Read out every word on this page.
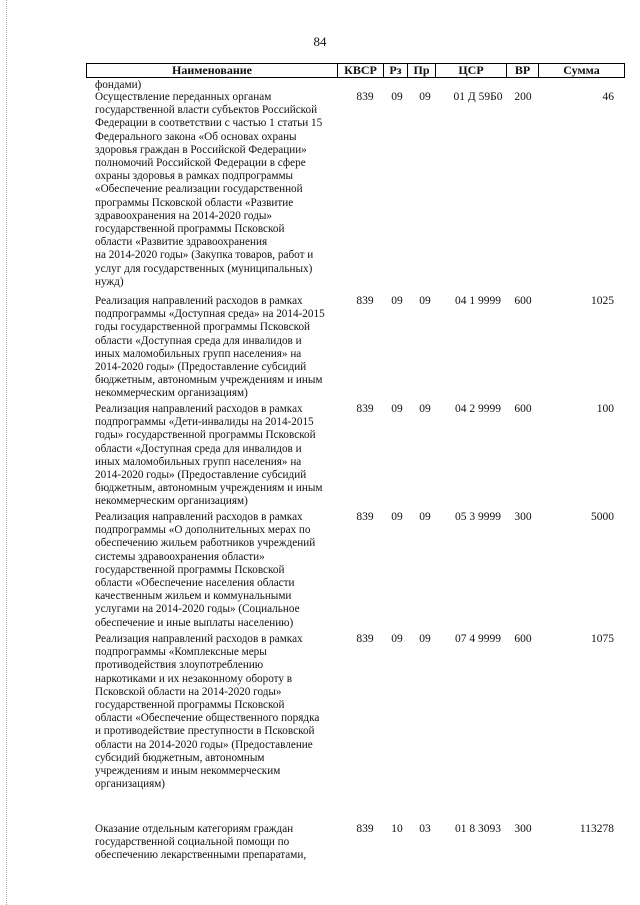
84
Наименование	КВСР	Рз Пр	ЦСР	ВР	Сумма
фондами)
Осуществление переданных органам
государственной власти субъектов Российской
Федерации в соответствии с частью 1 статьи 15
Федерального закона «Об основах охраны
здоровья граждан в Российской Федерации»
полномочий Российской Федерации в сфере
охраны здоровья в рамках подпрограммы
«Обеспечение реализации государственной
программы Псковской области «Развитие
здравоохранения на 2014-2020 годы»
государственной программы Псковской
области «Развитие здравоохранения
на 2014-2020 годы» (Закупка товаров, работ и
услуг для государственных (муниципальных)
нужд)
839	09	09	01 Д 59Б0	200	46
Реализация направлений расходов в рамках
подпрограммы «Доступная среда» на 2014-2015
годы государственной программы Псковской
области «Доступная среда для инвалидов и
иных маломобильных групп населения» на
2014-2020 годы» (Предоставление субсидий
бюджетным, автономным учреждениям и иным
некоммерческим организациям)
839	09	09	04 1 9999	600	1025
Реализация направлений расходов в рамках
подпрограммы «Дети-инвалиды на 2014-2015
годы» государственной программы Псковской
области «Доступная среда для инвалидов и
иных маломобильных групп населения» на
2014-2020 годы» (Предоставление субсидий
бюджетным, автономным учреждениям и иным
некоммерческим организациям)
839	09	09	04 2 9999	600	100
Реализация направлений расходов в рамках
подпрограммы «О дополнительных мерах по
обеспечению жильем работников учреждений
системы здравоохранения области»
государственной программы Псковской
области «Обеспечение населения области
качественным жильем и коммунальными
услугами на 2014-2020 годы» (Социальное
обеспечение и иные выплаты населению)
839	09	09	05 3 9999	300	5000
Реализация направлений расходов в рамках
подпрограммы «Комплексные меры
противодействия злоупотреблению
наркотиками и их незаконному обороту в
Псковской области на 2014-2020 годы»
государственной программы Псковской
области «Обеспечение общественного порядка
и противодействие преступности в Псковской
области на 2014-2020 годы» (Предоставление
субсидий бюджетным, автономным
учреждениям и иным некоммерческим
организациям)
839	09	09	07 4 9999	600	1075
Оказание отдельным категориям граждан
государственной социальной помощи по
обеспечению лекарственными препаратами,
839	10	03	01 8 3093	300	113278
